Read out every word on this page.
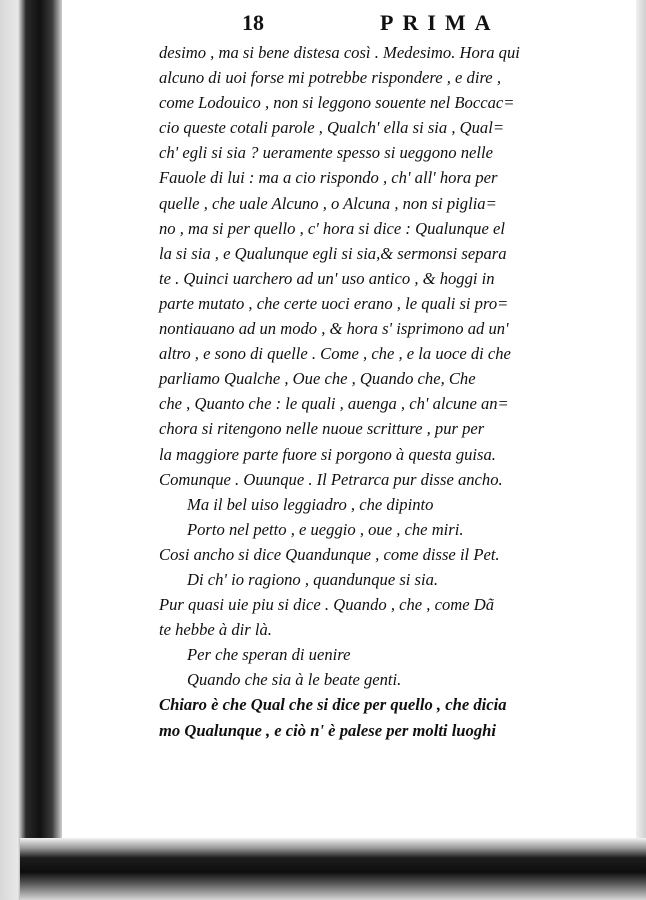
18	PRIMA
desimo , ma si bene distesa così . Medesimo. Hora qui
alcuno di uoi forse mi potrebbe rispondere , e dire ,
come Lodouico , non si leggono souente nel Boccac=
cio queste cotali parole , Qualch' ella si sia , Qual=
ch' egli si sia ? ueramente spesso si ueggono nelle
Fauole di lui : ma a cio rispondo , ch' all' hora per
quelle , che uale Alcuno , o Alcuna , non si piglia=
no , ma si per quello , c' hora si dice : Qualunque el
la si sia , e Qualunque egli si sia,& sermonsi separa
te . Quinci uarchero ad un' uso antico , & hoggi in
parte mutato , che certe uoci erano , le quali si pro=
nontiauano ad un modo , & hora s' isprimono ad un'
altro , e sono di quelle . Come , che , e la uoce di che
parliamo Qualche , Oue che , Quando che, Che
che , Quanto che : le quali , auenga , ch' alcune an=
chora si ritengono nelle nuoue scritture , pur per
la maggiore parte fuore si porgono à questa guisa.
Comunque . Ouunque . Il Petrarca pur disse ancho.
Ma il bel uiso leggiadro , che dipinto
Porto nel petto , e ueggio , oue , che miri.
Cosi ancho si dice Quandunque , come disse il Pet.
Di ch' io ragiono , quandunque si sia.
Pur quasi uie piu si dice . Quando , che , come Dã
te hebbe à dir là.
Per che speran di uenire
Quando che sia à le beate genti.
Chiaro è che Qual che si dice per quello , che dicia
mo Qualunque , e ciò n' è palese per molti luoghi
